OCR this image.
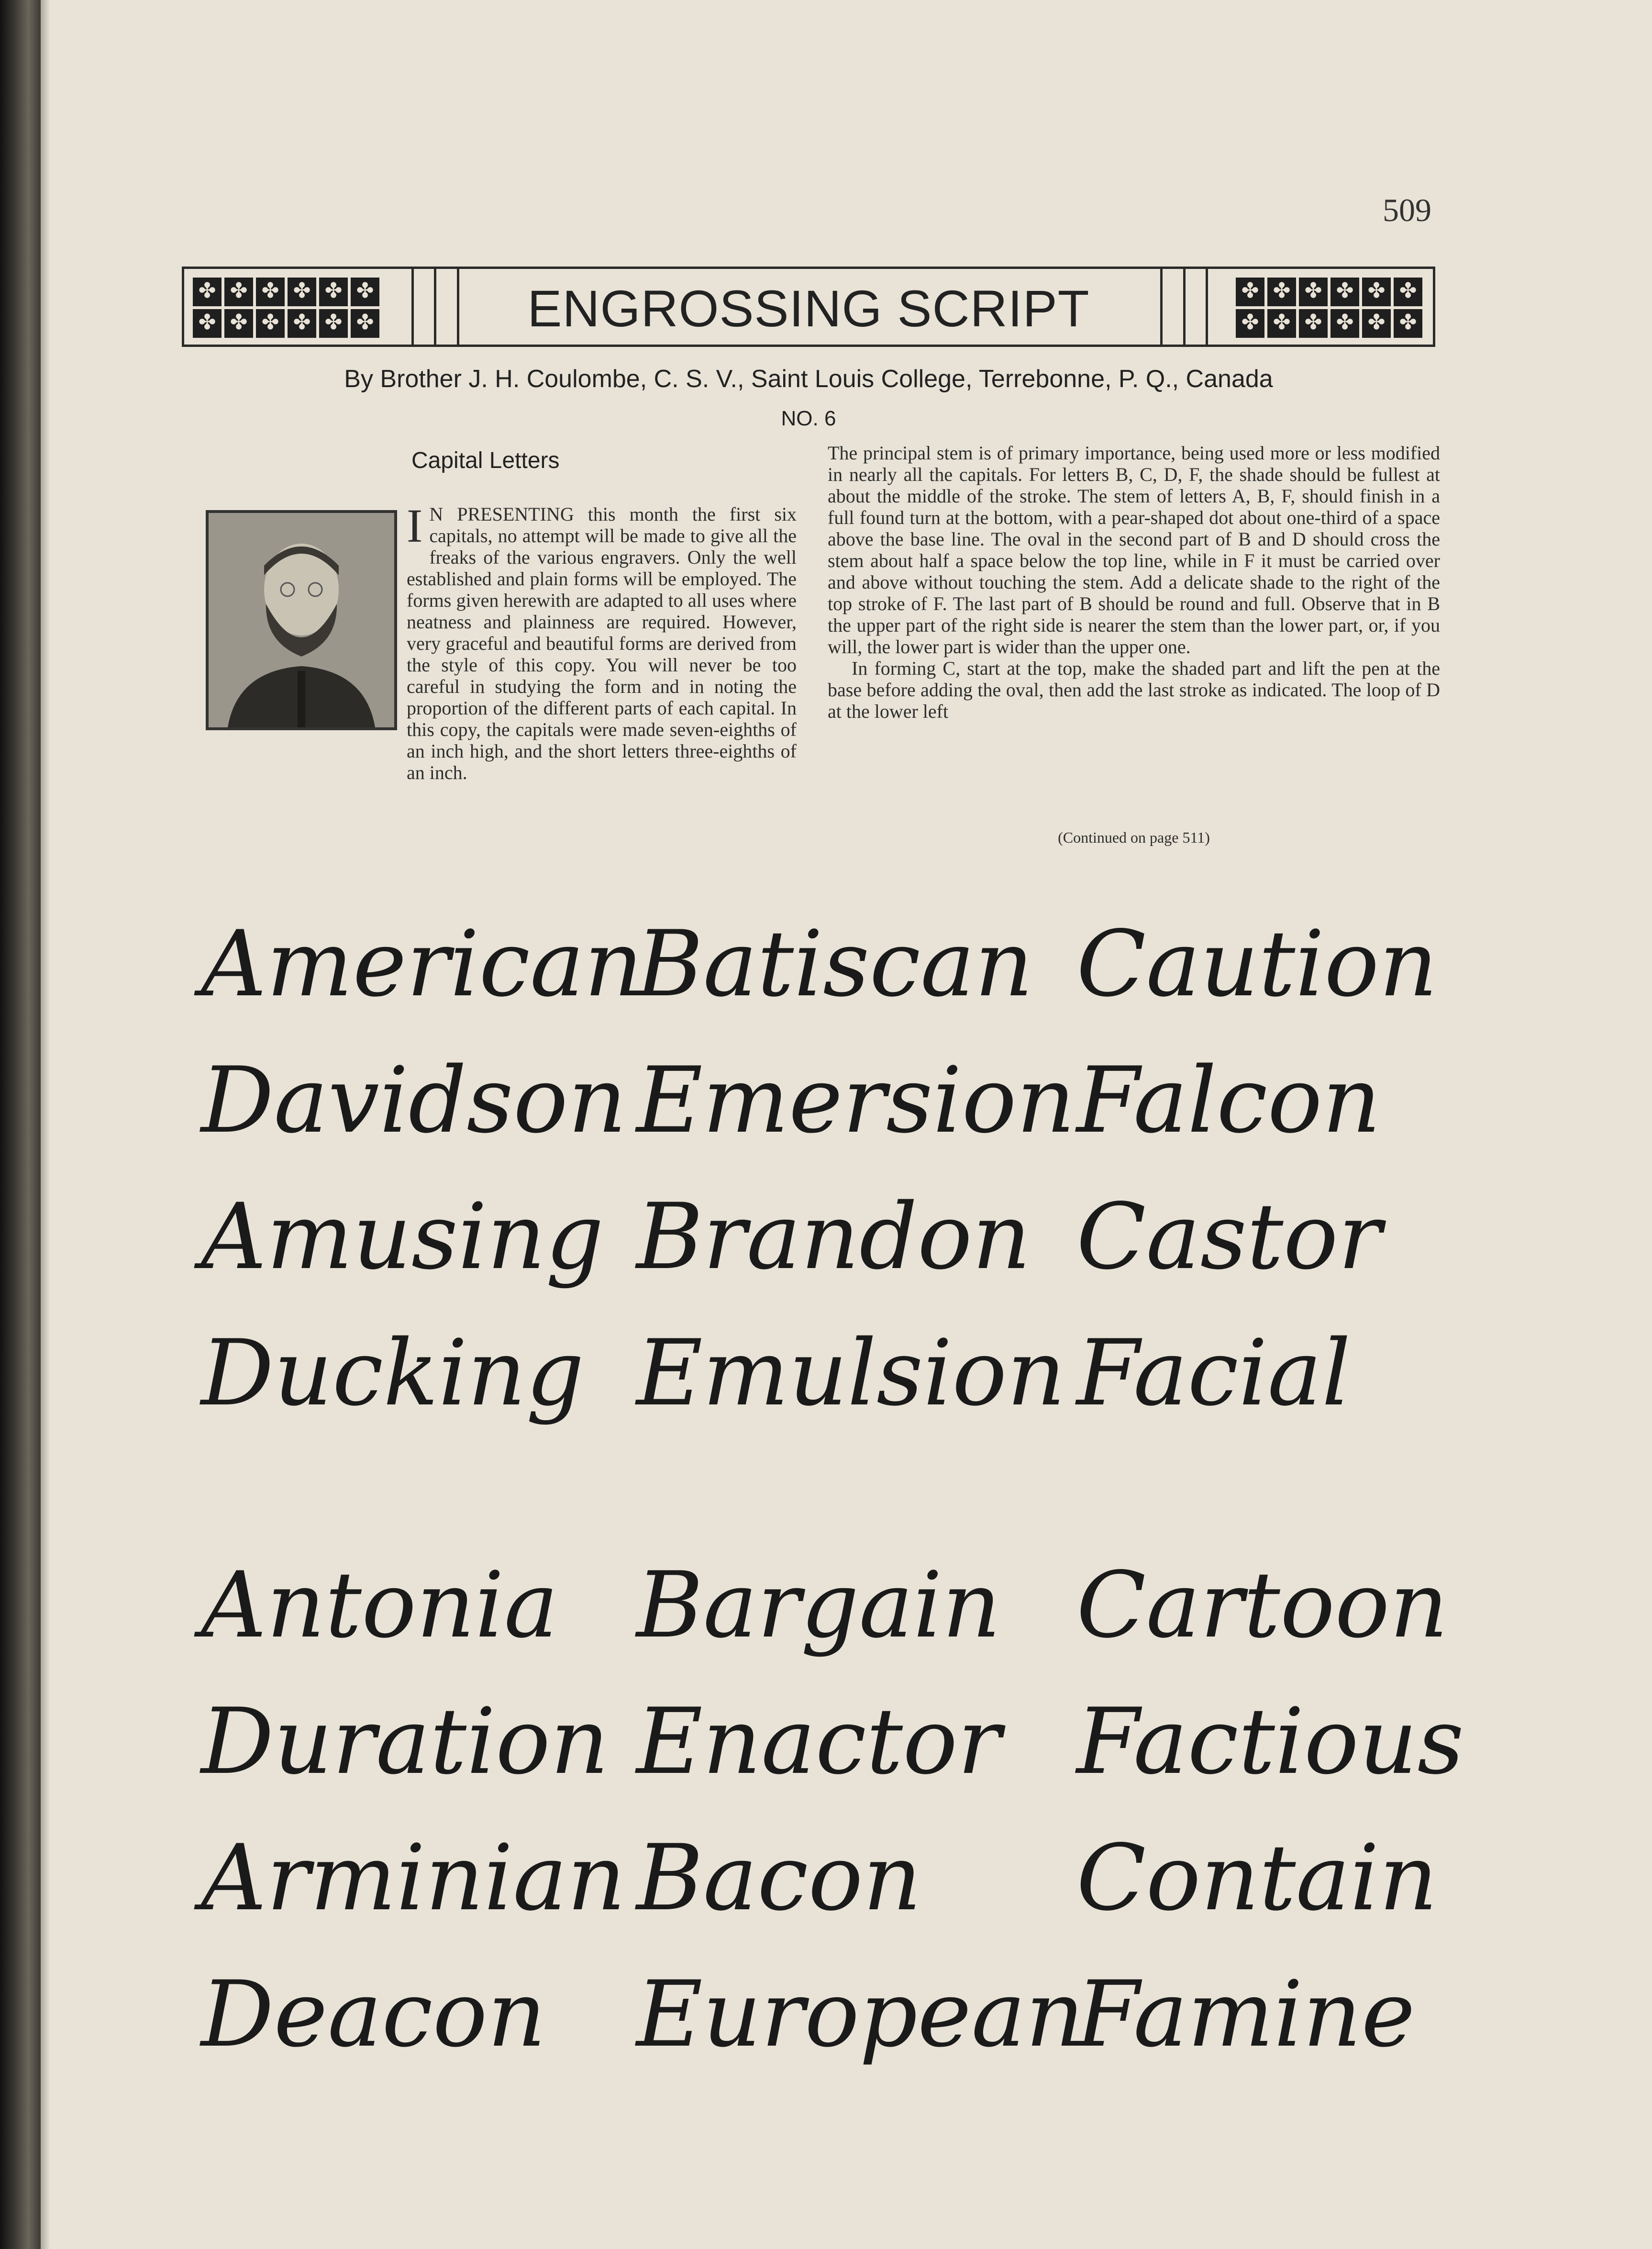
509
✤ ✤ ✤ ✤ ✤ ✤
✤ ✤ ✤ ✤ ✤ ✤	ENGROSSING SCRIPT	✤ ✤ ✤ ✤ ✤ ✤
✤ ✤ ✤ ✤ ✤ ✤
By Brother J. H. Coulombe, C. S. V., Saint Louis College, Terrebonne, P. Q., Canada
NO. 6
Capital Letters

I N PRESENTING this month the first six capitals, no attempt will be made to give all the freaks of the various engravers. Only the well established and plain forms will be employed. The forms given herewith are adapted to all uses where neatness and plainness are required. However, very graceful and beautiful forms are derived from the style of this copy. You will never be too careful in studying the form and in noting the proportion of the different parts of each capital. In this copy, the capitals were made seven-eighths of an inch high, and the short letters three-eighths of an inch.

The principal stem is of primary importance, being used more or less modified in nearly all the capitals. For letters B, C, D, F, the shade should be fullest at about the middle of the stroke. The stem of letters A, B, F, should finish in a full found turn at the bottom, with a pear-shaped dot about one-third of a space above the base line. The oval in the second part of B and D should cross the stem about half a space below the top line, while in F it must be carried over and above without touching the stem. Add a delicate shade to the right of the top stroke of F. The last part of B should be round and full. Observe that in B the upper part of the right side is nearer the stem than the lower part, or, if you will, the lower part is wider than the upper one.

In forming C, start at the top, make the shaded part and lift the pen at the base before adding the oval, then add the last stroke as indicated. The loop of D at the lower left

(Continued on page 511)
American
Batiscan Caution
Davidson Emersion Falcon
Amusing Brandon Castor
Ducking Emulsion Facial
Antonia Bargain Cartoon
Duration Enactor Factious
Arminian Bacon Contain
Deacon European
Famine
